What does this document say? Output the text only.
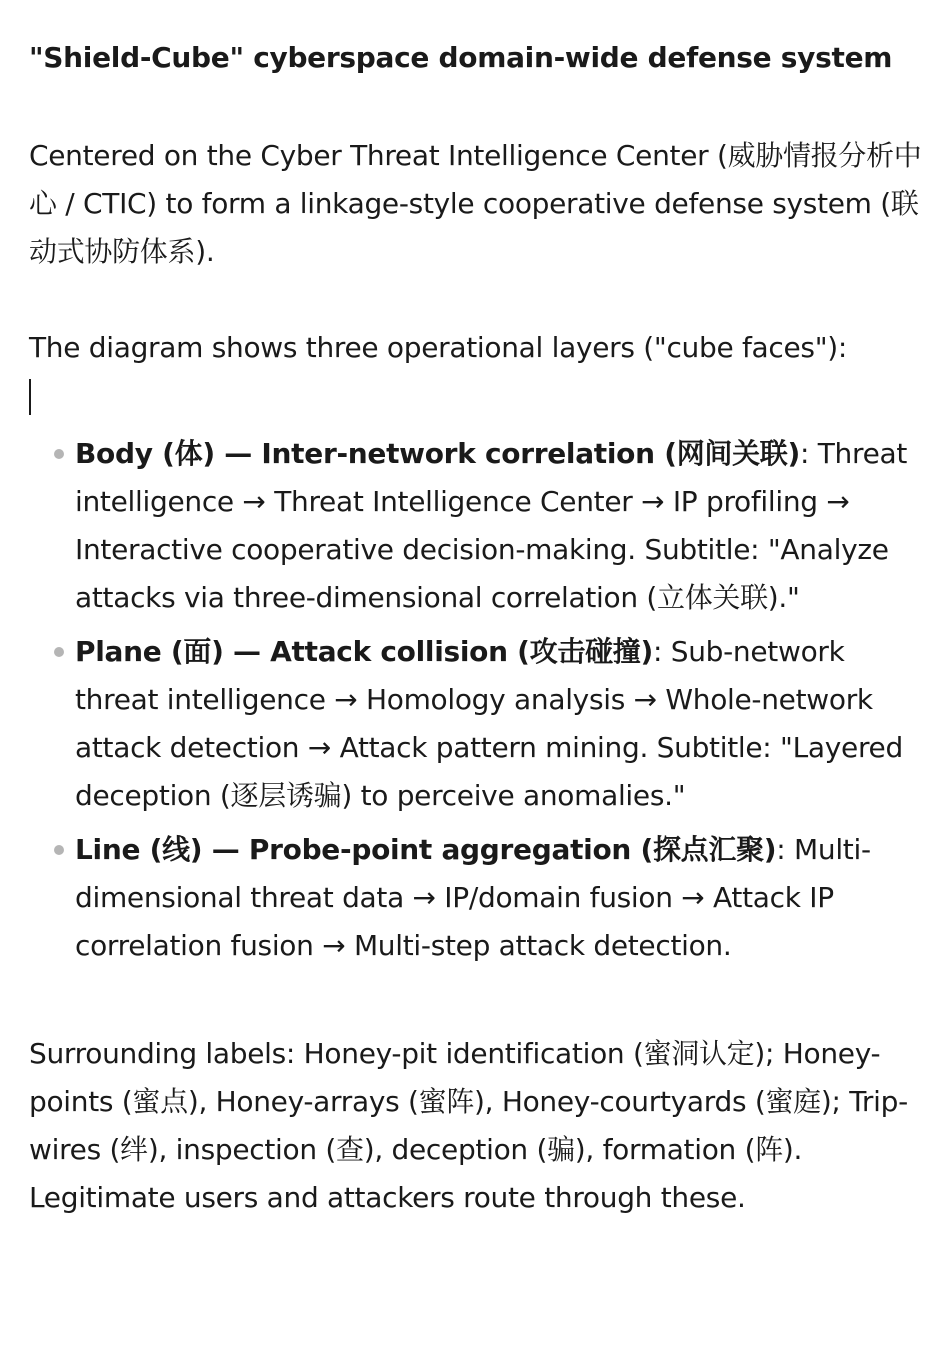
"Shield-Cube" cyberspace domain-wide defense system

Centered on the Cyber Threat Intelligence Center (威胁情报分析中心 / CTIC) to form a linkage-style cooperative defense system (联动式协防体系).

The diagram shows three operational layers ("cube faces"):

Body (体) — Inter-network correlation (网间关联): Threat intelligence → Threat Intelligence Center → IP profiling → Interactive cooperative decision-making. Subtitle: "Analyze attacks via three-dimensional correlation (立体关联)."
Plane (面) — Attack collision (攻击碰撞): Sub-network threat intelligence → Homology analysis → Whole-network attack detection → Attack pattern mining. Subtitle: "Layered deception (逐层诱骗) to perceive anomalies."
Line (线) — Probe-point aggregation (探点汇聚): Multi-dimensional threat data → IP/domain fusion → Attack IP correlation fusion → Multi-step attack detection.

Surrounding labels: Honey-pit identification (蜜洞认定); Honey-points (蜜点), Honey-arrays (蜜阵), Honey-courtyards (蜜庭); Trip-wires (绊), inspection (查), deception (骗), formation (阵). Legitimate users and attackers route through these.
